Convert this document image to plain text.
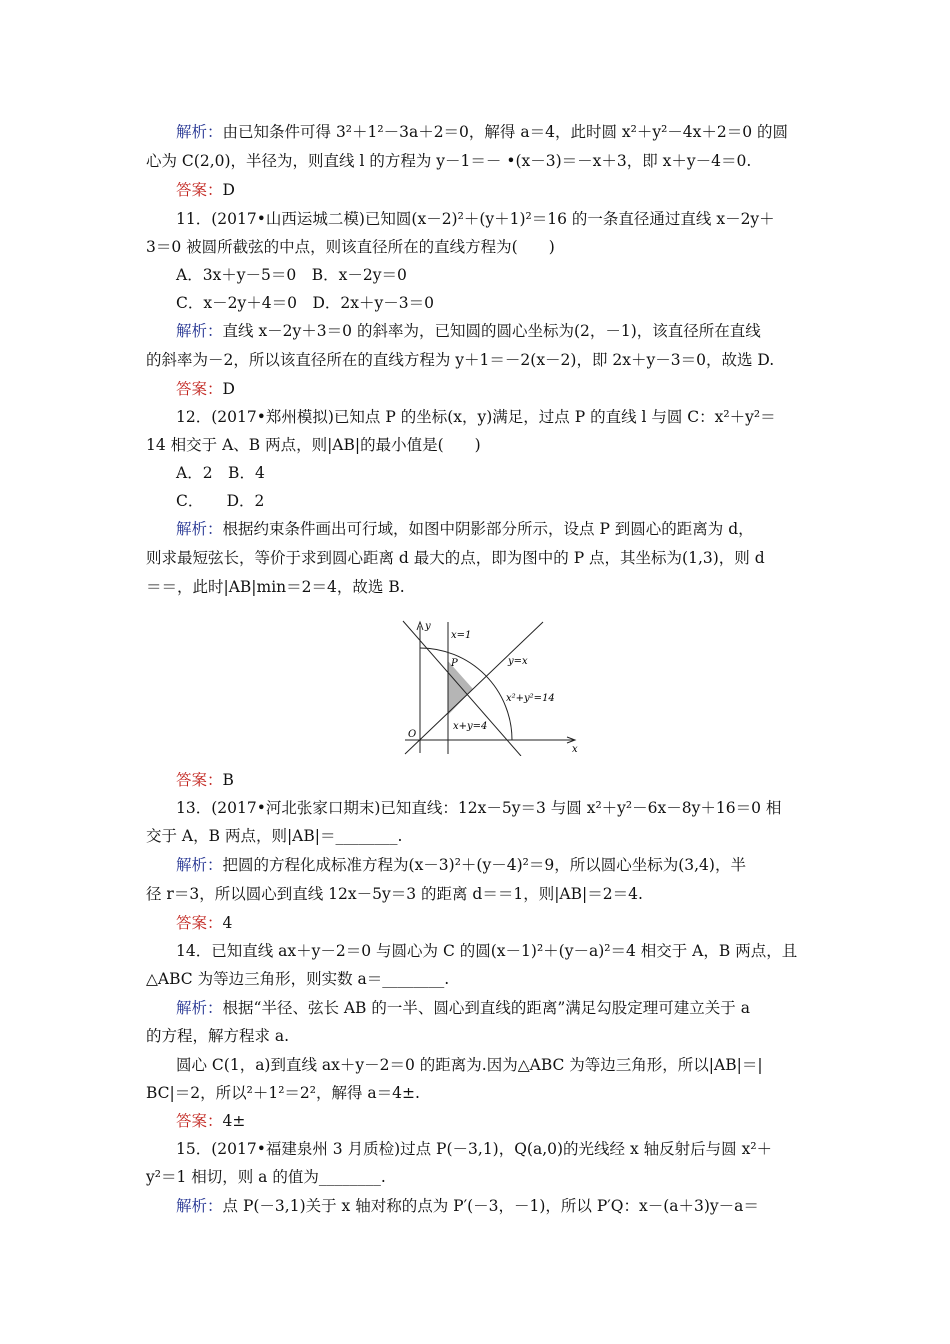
解析：由已知条件可得 3²＋1²－3a＋2＝0，解得 a＝4，此时圆 x²＋y²－4x＋2＝0 的圆
心为 C(2,0)，半径为，则直线 l 的方程为 y－1＝－ •(x－3)＝－x＋3，即 x＋y－4＝0.
答案：D
11．(2017•山西运城二模)已知圆(x－2)²＋(y＋1)²＝16 的一条直径通过直线 x－2y＋
3＝0 被圆所截弦的中点，则该直径所在的直线方程为(　　)
A．3x＋y－5＝0　B．x－2y＝0
C．x－2y＋4＝0　D．2x＋y－3＝0
解析：直线 x－2y＋3＝0 的斜率为，已知圆的圆心坐标为(2，－1)，该直径所在直线
的斜率为－2，所以该直径所在的直线方程为 y＋1＝－2(x－2)，即 2x＋y－3＝0，故选 D.
答案：D
12．(2017•郑州模拟)已知点 P 的坐标(x，y)满足，过点 P 的直线 l 与圆 C：x²＋y²＝
14 相交于 A、B 两点，则|AB|的最小值是(　　)
A．2　B．4
C．　　D．2
解析：根据约束条件画出可行域，如图中阴影部分所示，设点 P 到圆心的距离为 d，
则求最短弦长，等价于求到圆心距离 d 最大的点，即为图中的 P 点，其坐标为(1,3)，则 d
＝＝，此时|AB|min＝2＝4，故选 B.
x=1
P	y=x
x²+y²=14
x+y=4
O
x
y
答案：B
13．(2017•河北张家口期末)已知直线：12x－5y＝3 与圆 x²＋y²－6x－8y＋16＝0 相
交于 A，B 两点，则|AB|＝________.
解析：把圆的方程化成标准方程为(x－3)²＋(y－4)²＝9，所以圆心坐标为(3,4)，半
径 r＝3，所以圆心到直线 12x－5y＝3 的距离 d＝＝1，则|AB|＝2＝4.
答案：4
14．已知直线 ax＋y－2＝0 与圆心为 C 的圆(x－1)²＋(y－a)²＝4 相交于 A，B 两点，且
△ABC 为等边三角形，则实数 a＝________.
解析：根据“半径、弦长 AB 的一半、圆心到直线的距离”满足勾股定理可建立关于 a
的方程，解方程求 a.
圆心 C(1，a)到直线 ax＋y－2＝0 的距离为.因为△ABC 为等边三角形，所以|AB|＝|
BC|＝2，所以²＋1²＝2²，解得 a＝4±.
答案：4±
15．(2017•福建泉州 3 月质检)过点 P(－3,1)，Q(a,0)的光线经 x 轴反射后与圆 x²＋
y²＝1 相切，则 a 的值为________.
解析：点 P(－3,1)关于 x 轴对称的点为 P′(－3，－1)，所以 P′Q：x－(a＋3)y－a＝
